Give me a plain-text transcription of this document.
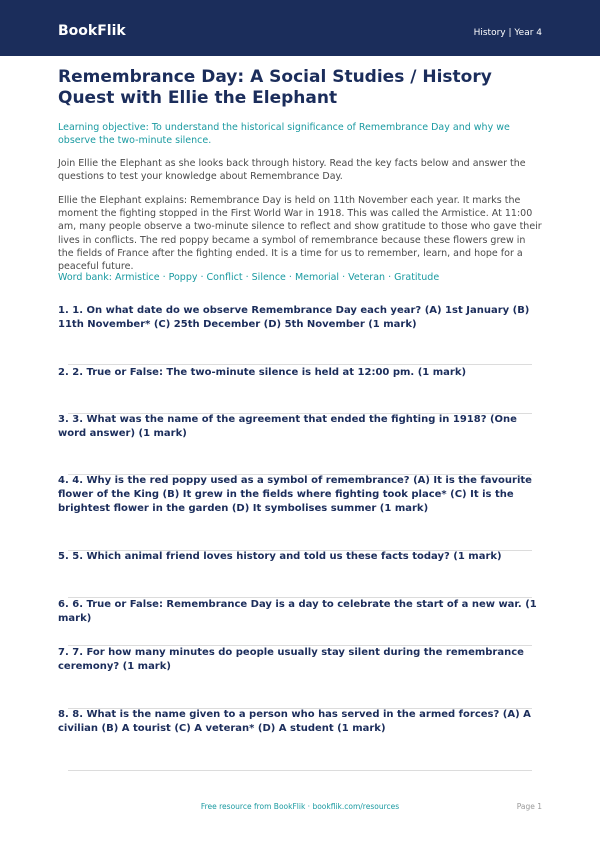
BookFlik	History | Year 4
Remembrance Day: A Social Studies / History Quest with Ellie the Elephant

Learning objective: To understand the historical significance of Remembrance Day and why we observe the two-minute silence.

Join Ellie the Elephant as she looks back through history. Read the key facts below and answer the questions to test your knowledge about Remembrance Day.

Ellie the Elephant explains: Remembrance Day is held on 11th November each year. It marks the moment the fighting stopped in the First World War in 1918. This was called the Armistice. At 11:00 am, many people observe a two-minute silence to reflect and show gratitude to those who gave their lives in conflicts. The red poppy became a symbol of remembrance because these flowers grew in the fields of France after the fighting ended. It is a time for us to remember, learn, and hope for a peaceful future.

Word bank: Armistice · Poppy · Conflict · Silence · Memorial · Veteran · Gratitude

1. 1. On what date do we observe Remembrance Day each year? (A) 1st January (B) 11th November* (C) 25th December (D) 5th November (1 mark)

2. 2. True or False: The two-minute silence is held at 12:00 pm. (1 mark)

3. 3. What was the name of the agreement that ended the fighting in 1918? (One word answer) (1 mark)

4. 4. Why is the red poppy used as a symbol of remembrance? (A) It is the favourite flower of the King (B) It grew in the fields where fighting took place* (C) It is the brightest flower in the garden (D) It symbolises summer (1 mark)

5. 5. Which animal friend loves history and told us these facts today? (1 mark)

6. 6. True or False: Remembrance Day is a day to celebrate the start of a new war. (1 mark)

7. 7. For how many minutes do people usually stay silent during the remembrance ceremony? (1 mark)

8. 8. What is the name given to a person who has served in the armed forces? (A) A civilian (B) A tourist (C) A veteran* (D) A student (1 mark)

Free resource from BookFlik · bookflik.com/resources	Page 1
